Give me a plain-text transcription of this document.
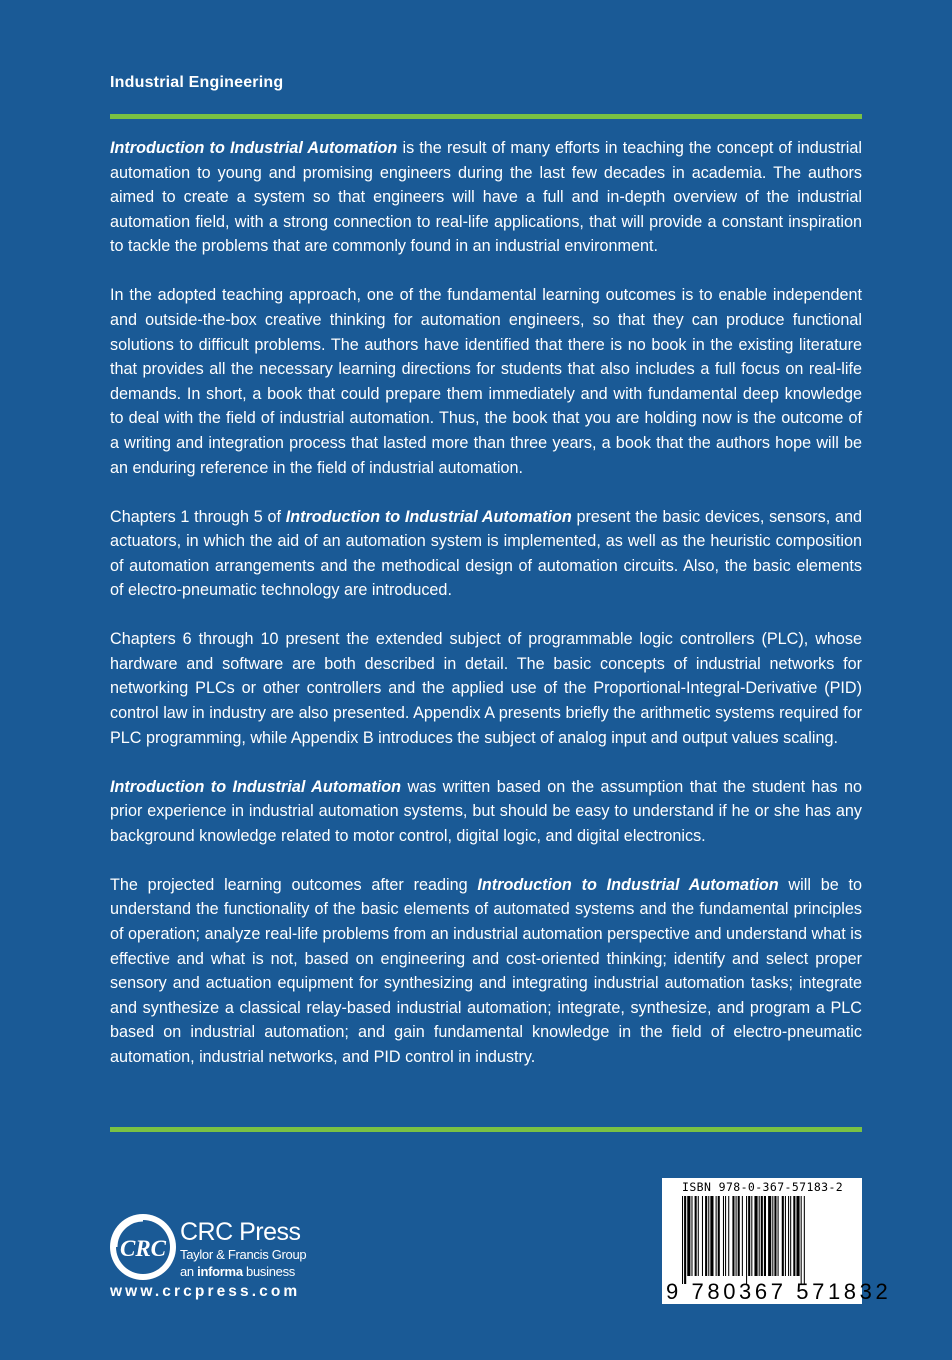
Industrial Engineering

Introduction to Industrial Automation is the result of many efforts in teaching the concept of industrial automation to young and promising engineers during the last few decades in academia. The authors aimed to create a system so that engineers will have a full and in-depth overview of the industrial automation field, with a strong connection to real-life applications, that will provide a constant inspiration to tackle the problems that are commonly found in an industrial environment.

In the adopted teaching approach, one of the fundamental learning outcomes is to enable independent and outside-the-box creative thinking for automation engineers, so that they can produce functional solutions to difficult problems. The authors have identified that there is no book in the existing literature that provides all the necessary learning directions for students that also includes a full focus on real-life demands. In short, a book that could prepare them immediately and with fundamental deep knowledge to deal with the field of industrial automation. Thus, the book that you are holding now is the outcome of a writing and integration process that lasted more than three years, a book that the authors hope will be an enduring reference in the field of industrial automation.

Chapters 1 through 5 of Introduction to Industrial Automation present the basic devices, sensors, and actuators, in which the aid of an automation system is implemented, as well as the heuristic composition of automation arrangements and the methodical design of automation circuits. Also, the basic elements of electro-pneumatic technology are introduced.

Chapters 6 through 10 present the extended subject of programmable logic controllers (PLC), whose hardware and software are both described in detail. The basic concepts of industrial networks for networking PLCs or other controllers and the applied use of the Proportional-Integral-Derivative (PID) control law in industry are also presented. Appendix A presents briefly the arithmetic systems required for PLC programming, while Appendix B introduces the subject of analog input and output values scaling.

Introduction to Industrial Automation was written based on the assumption that the student has no prior experience in industrial automation systems, but should be easy to understand if he or she has any background knowledge related to motor control, digital logic, and digital electronics.

The projected learning outcomes after reading Introduction to Industrial Automation will be to understand the functionality of the basic elements of automated systems and the fundamental principles of operation; analyze real-life problems from an industrial automation perspective and understand what is effective and what is not, based on engineering and cost-oriented thinking; identify and select proper sensory and actuation equipment for synthesizing and integrating industrial automation tasks; integrate and synthesize a classical relay-based industrial automation; integrate, synthesize, and program a PLC based on industrial automation; and gain fundamental knowledge in the field of electro-pneumatic automation, industrial networks, and PID control in industry.

CRC
CRC Press
Taylor & Francis Group
an informa business
www.crcpress.com
ISBN 978-0-367-57183-2
9 780367 571832
